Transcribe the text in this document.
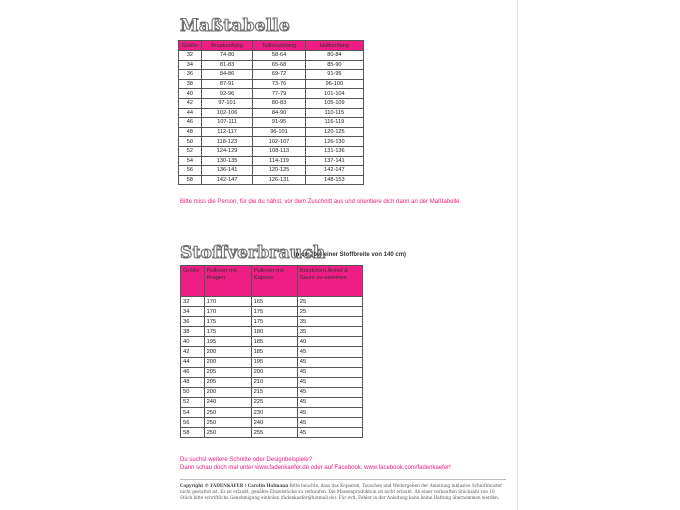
Maßtabelle
Größe	Brustumfang	Taillenumfang	Hüftumfang
32	74-80	58-64	80-84
34	81-83	65-68	85-90
36	84-86	69-72	91-95
38	87-91	73-76	96-100
40	92-96	77-79	101-104
42	97-101	80-83	105-109
44	102-106	84-90	110-115
46	107-111	91-95	116-119
48	112-117	96-101	120-125
50	118-123	102-107	126-130
52	124-129	108-113	131-136
54	130-135	114-119	137-141
56	136-141	120-125	142-147
58	142-147	126-131	148-153
Bitte miss die Person, für die du nähst, vor dem Zuschnitt aus und orientiere dich dann an der Maßtabelle.
Stoffverbrauch
in cm (bei einer Stoffbreite von 140 cm)
Größe	Pullover mit Kragen	Pullover mit Kapuze	Bündchen Ärmel & Saum zu-sammen
32	170	165	25
34	170	175	25
36	175	175	35
38	175	180	35
40	195	185	40
42	200	185	45
44	200	195	45
46	205	200	45
48	205	210	45
50	200	215	45
52	240	225	45
54	250	230	45
56	250	240	45
58	250	255	45
Du suchst weitere Schnitte oder Designbeispiele?
Dann schau doch mal unter www.fadenkaefer.de oder auf Facebook: www.facebook.com/fadenkaefer!
Copyright © FADENKÄFER / Carolin Hofmann Bitte beachte, dass das Kopieren, Tauschen und Weitergeben der Anleitung inklusive Schnittmuster nicht gestattet ist. Es ist erlaubt, genähte Einzelstücke zu verkaufen. Die Massenproduktion ist nicht erlaubt. Ab einer verkauften Stückzahl von 10 Stück bitte schriftliche Genehmigung einholen (fadenkaefer@hotmail.de). Für evtl. Fehler in der Anleitung kann keine Haftung übernommen werden.
